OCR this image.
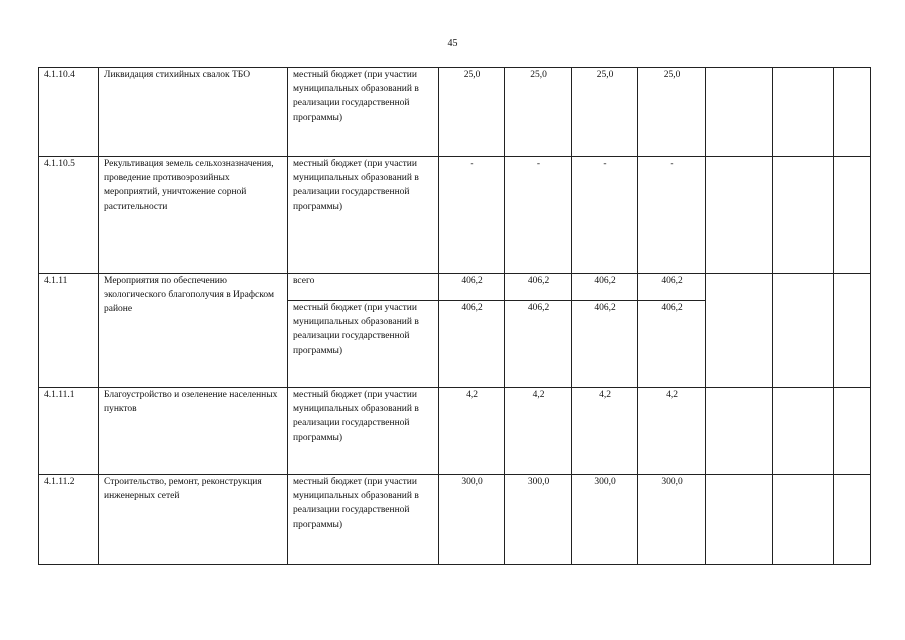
45
4.1.10.4	Ликвидация стихийных свалок ТБО	местный бюджет (при участии муниципальных образований в реализации государственной программы)	25,0	25,0	25,0	25,0			
4.1.10.5	Рекультивация земель сельхозназначения, проведение противоэрозийных мероприятий, уничтожение сорной растительности	местный бюджет (при участии муниципальных образований в реализации государственной программы)	-	-	-	-			
4.1.11	Мероприятия по обеспечению экологического благополучия в Ирафском районе	всего	406,2	406,2	406,2	406,2			
		местный бюджет (при участии муниципальных образований в реализации государственной программы)	406,2	406,2	406,2	406,2			
4.1.11.1	Благоустройство и озеленение населенных пунктов	местный бюджет (при участии муниципальных образований в реализации государственной программы)	4,2	4,2	4,2	4,2			
4.1.11.2	Строительство, ремонт, реконструкция инженерных сетей	местный бюджет (при участии муниципальных образований в реализации государственной программы)	300,0	300,0	300,0	300,0			
